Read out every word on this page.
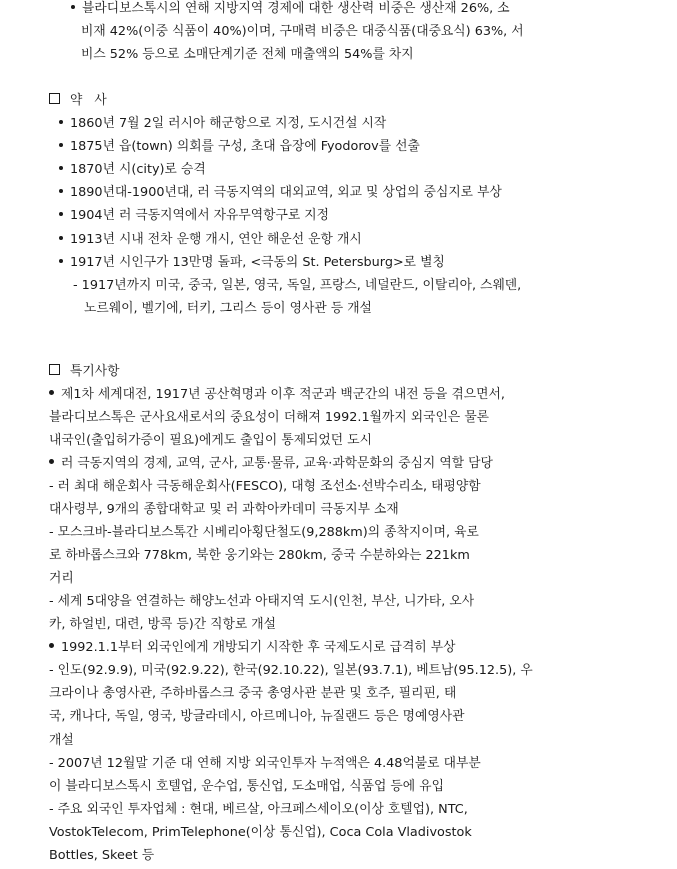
블라디보스톡시의 연해 지방지역 경제에 대한 생산력 비중은 생산재 26%, 소
비재 42%(이중 식품이 40%)이며, 구매력 비중은 대중식품(대중요식) 63%, 서
비스 52% 등으로 소매단계기준 전체 매출액의 54%를 차지
약 사
1860년 7월 2일 러시아 해군항으로 지정, 도시건설 시작
1875년 읍(town) 의회를 구성, 초대 읍장에 Fyodorov를 선출
1870년 시(city)로 승격
1890년대-1900년대, 러 극동지역의 대외교역, 외교 및 상업의 중심지로 부상
1904년 러 극동지역에서 자유무역항구로 지정
1913년 시내 전차 운행 개시, 연안 해운선 운항 개시
1917년 시인구가 13만명 돌파, <극동의 St. Petersburg>로 별칭
- 1917년까지 미국, 중국, 일본, 영국, 독일, 프랑스, 네덜란드, 이탈리아, 스웨덴,
노르웨이, 벨기에, 터키, 그리스 등이 영사관 등 개설
특기사항
제1차 세계대전, 1917년 공산혁명과 이후 적군과 백군간의 내전 등을 겪으면서,
블라디보스톡은 군사요새로서의 중요성이 더해져 1992.1월까지 외국인은 물론
내국인(출입허가증이 필요)에게도 출입이 통제되었던 도시
러 극동지역의 경제, 교역, 군사, 교통·물류, 교육·과학문화의 중심지 역할 담당
- 러 최대 해운회사 극동해운회사(FESCO), 대형 조선소·선박수리소, 태평양함
대사령부, 9개의 종합대학교 및 러 과학아카데미 극동지부 소재
- 모스크바-블라디보스톡간 시베리아횡단철도(9,288km)의 종착지이며, 육로
로 하바롭스크와 778km, 북한 웅기와는 280km, 중국 수분하와는 221km
거리
- 세계 5대양을 연결하는 해양노선과 아태지역 도시(인천, 부산, 니가타, 오사
카, 하얼빈, 대련, 방콕 등)간 직항로 개설
1992.1.1부터 외국인에게 개방되기 시작한 후 국제도시로 급격히 부상
- 인도(92.9.9), 미국(92.9.22), 한국(92.10.22), 일본(93.7.1), 베트남(95.12.5), 우
크라이나 총영사관, 주하바롭스크 중국 총영사관 분관 및 호주, 필리핀, 태
국, 캐나다, 독일, 영국, 방글라데시, 아르메니아, 뉴질랜드 등은 명예영사관
개설
- 2007년 12월말 기준 대 연해 지방 외국인투자 누적액은 4.48억불로 대부분
이 블라디보스톡시 호텔업, 운수업, 통신업, 도소매업, 식품업 등에 유입
- 주요 외국인 투자업체 : 현대, 베르살, 아크페스세이오(이상 호텔업), NTC,
VostokTelecom, PrimTelephone(이상 통신업), Coca Cola Vladivostok
Bottles, Skeet 등
